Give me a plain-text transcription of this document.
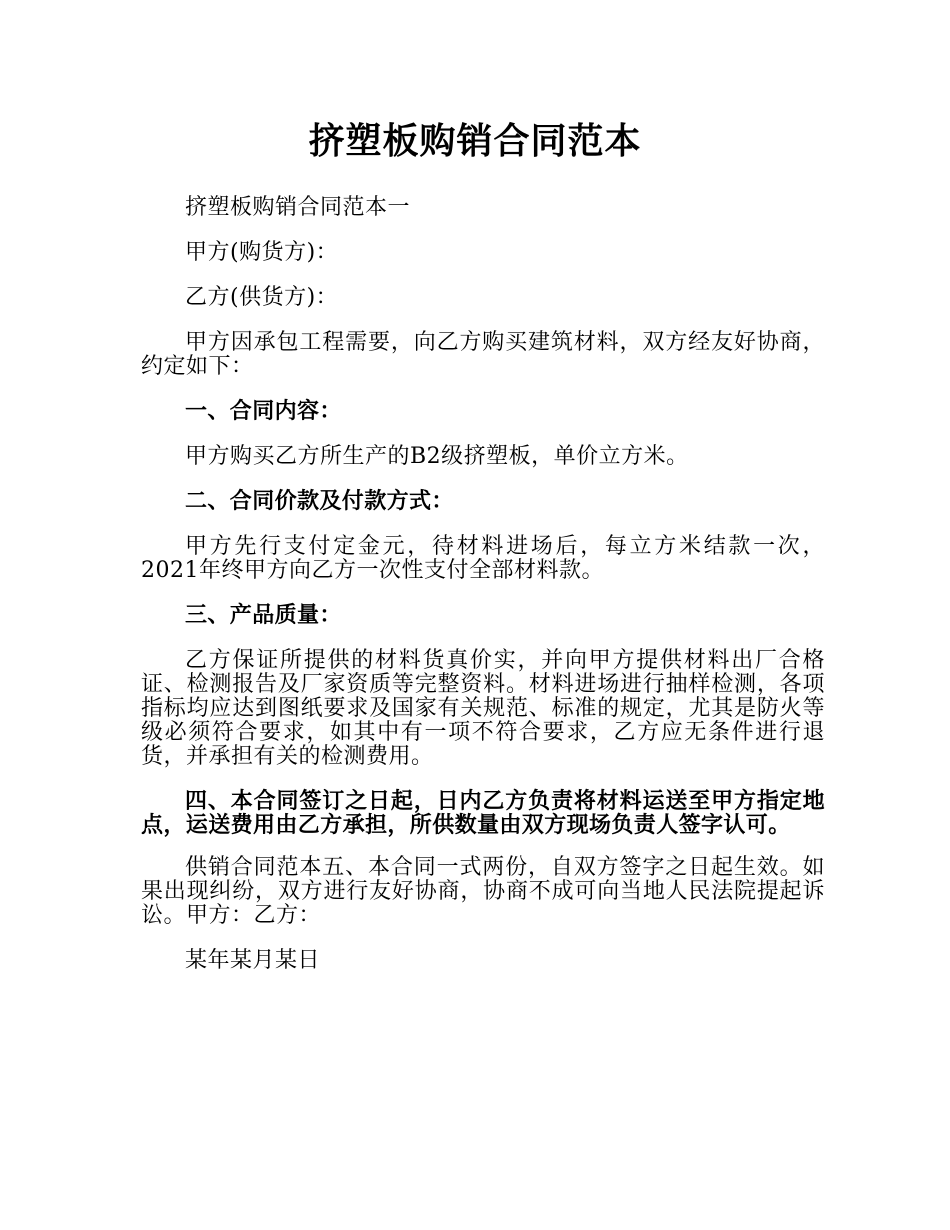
挤塑板购销合同范本

挤塑板购销合同范本一

甲方(购货方)：

乙方(供货方)：

甲方因承包工程需要，向乙方购买建筑材料，双方经友好协商，约定如下：

一、合同内容：

甲方购买乙方所生产的B2级挤塑板，单价立方米。

二、合同价款及付款方式：

甲方先行支付定金元，待材料进场后，每立方米结款一次，2021年终甲方向乙方一次性支付全部材料款。

三、产品质量：

乙方保证所提供的材料货真价实，并向甲方提供材料出厂合格证、检测报告及厂家资质等完整资料。材料进场进行抽样检测，各项指标均应达到图纸要求及国家有关规范、标准的规定，尤其是防火等级必须符合要求，如其中有一项不符合要求，乙方应无条件进行退货，并承担有关的检测费用。

四、本合同签订之日起，日内乙方负责将材料运送至甲方指定地点，运送费用由乙方承担，所供数量由双方现场负责人签字认可。

供销合同范本五、本合同一式两份，自双方签字之日起生效。如果出现纠纷，双方进行友好协商，协商不成可向当地人民法院提起诉讼。甲方：乙方：

某年某月某日
